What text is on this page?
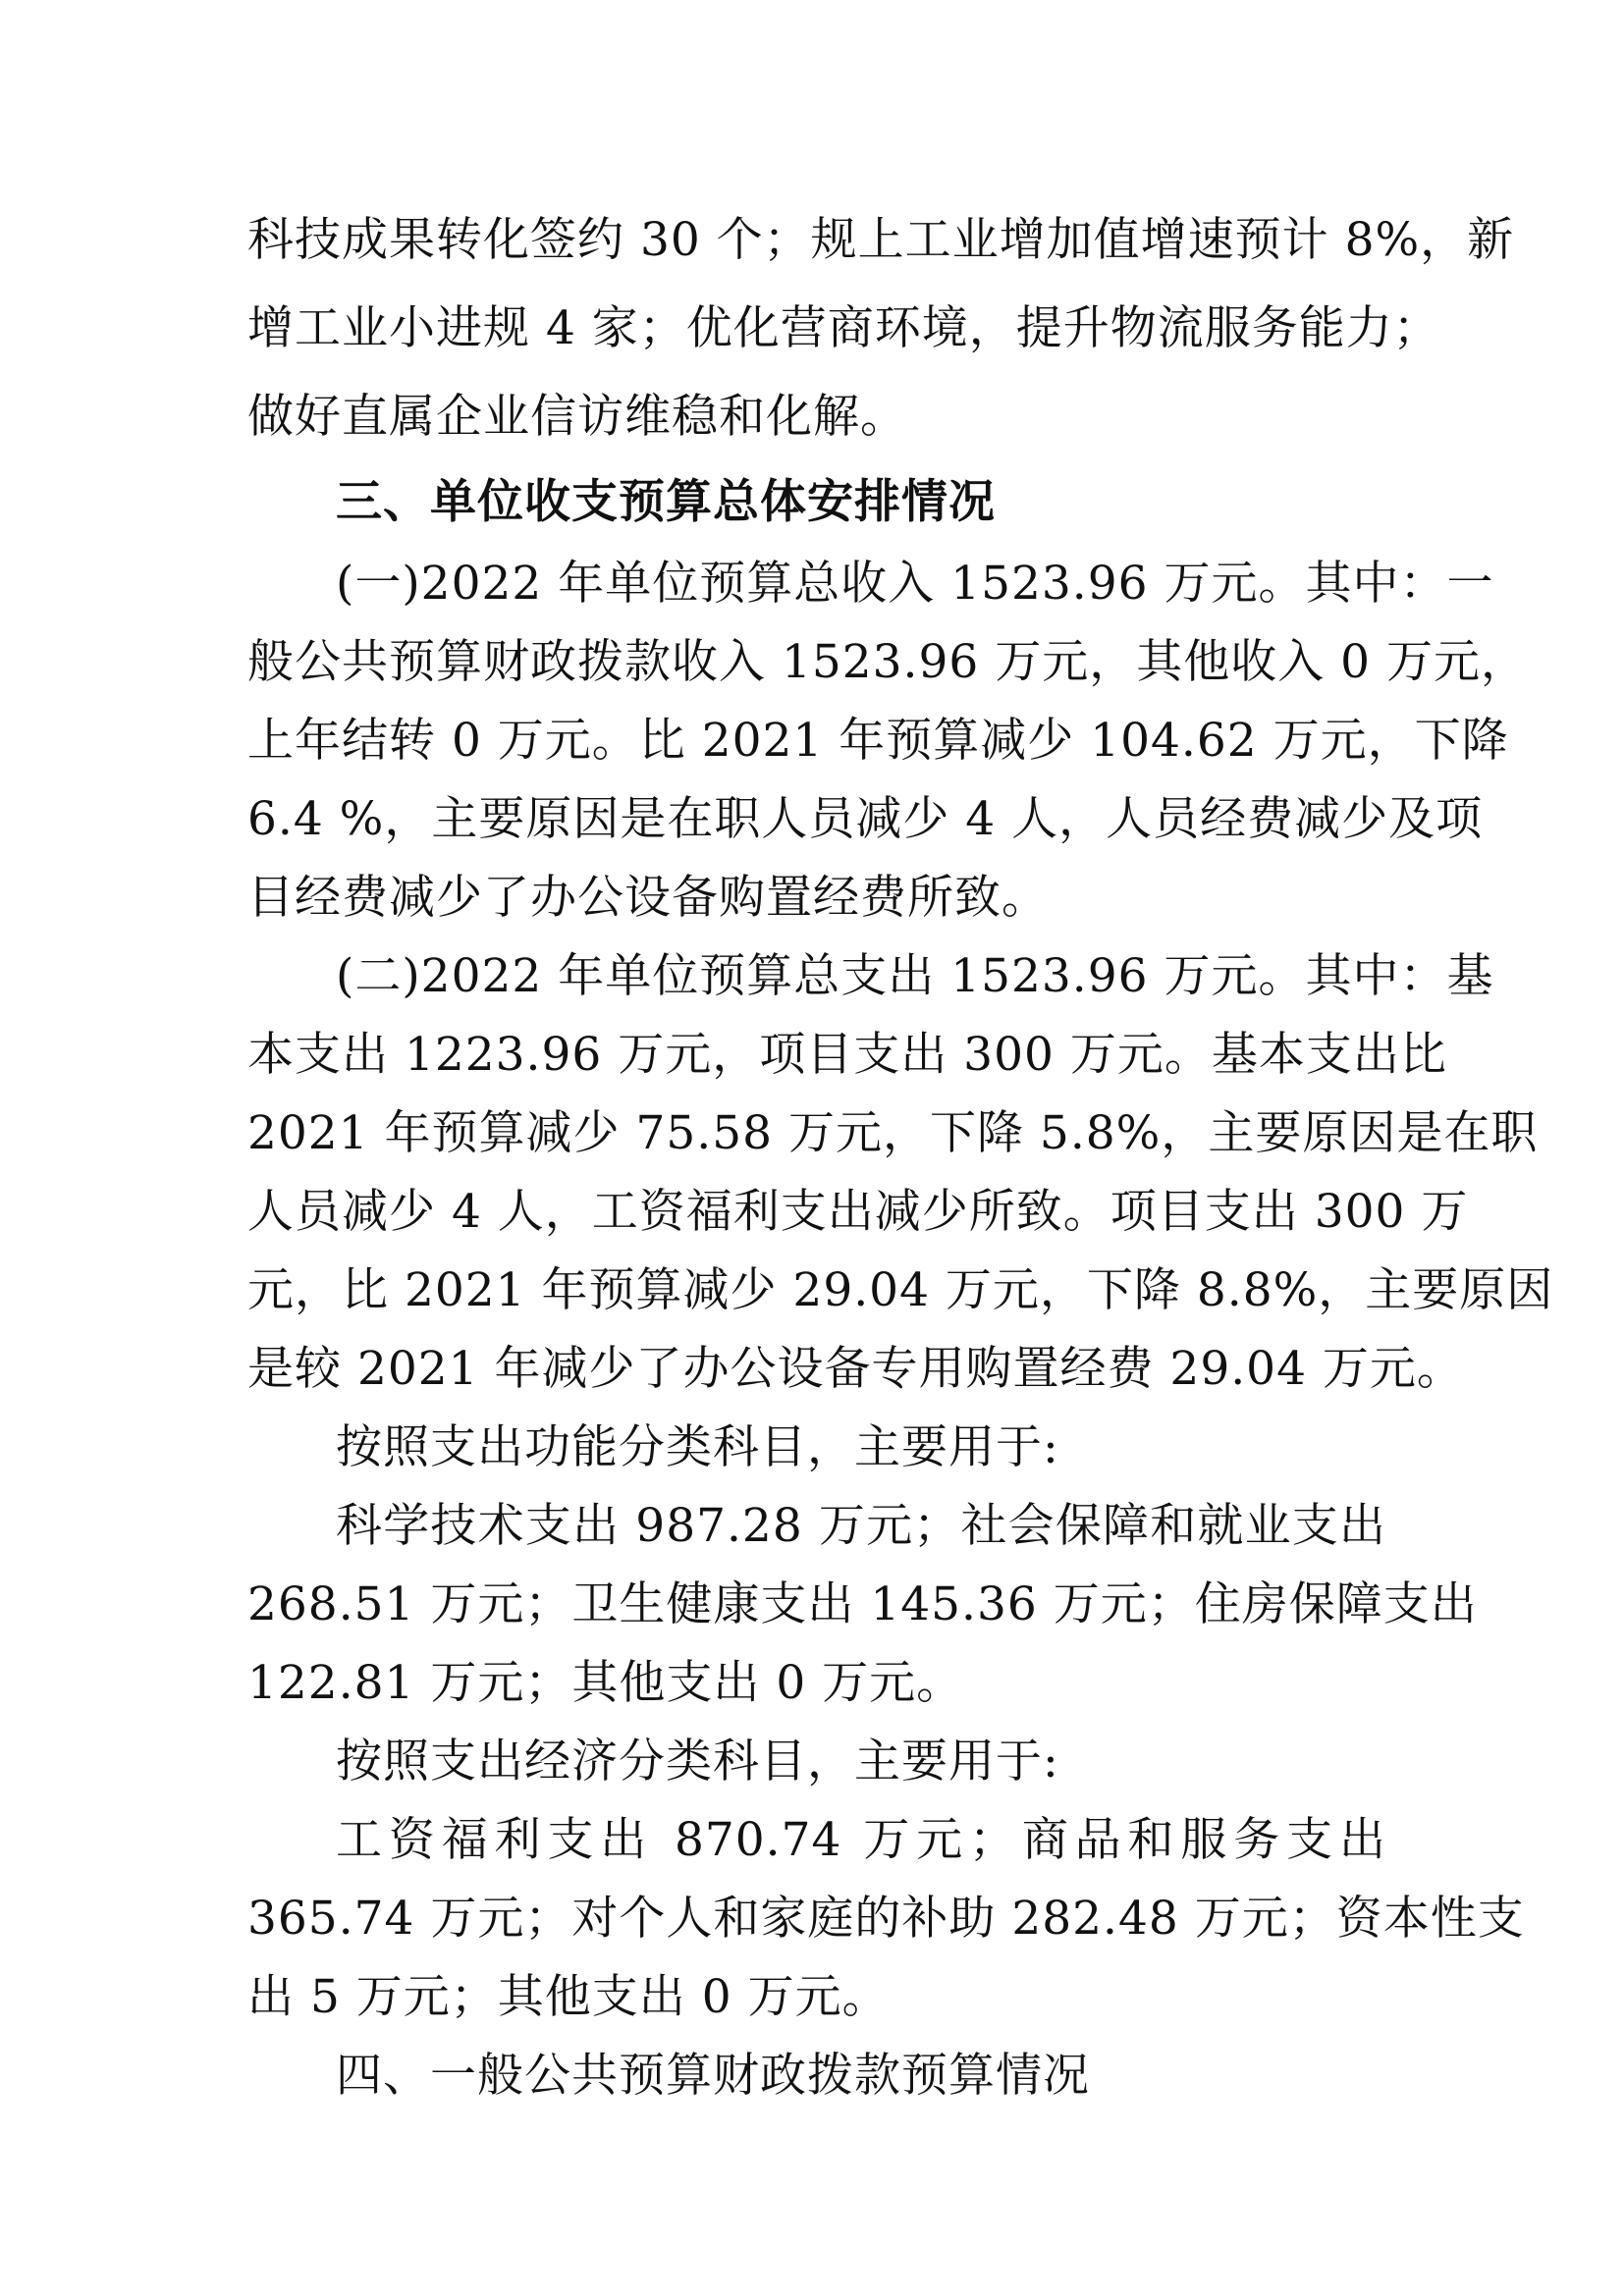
科技成果转化签约 30 个；规上工业增加值增速预计 8%，新
增工业小进规 4 家；优化营商环境，提升物流服务能力；
做好直属企业信访维稳和化解。
三、单位收支预算总体安排情况
(一)2022 年单位预算总收入 1523.96 万元。其中：一
般公共预算财政拨款收入 1523.96 万元，其他收入 0 万元，
上年结转 0 万元。比 2021 年预算减少 104.62 万元，下降
6.4 %，主要原因是在职人员减少 4 人，人员经费减少及项
目经费减少了办公设备购置经费所致。
(二)2022 年单位预算总支出 1523.96 万元。其中：基
本支出 1223.96 万元，项目支出 300 万元。基本支出比
2021 年预算减少 75.58 万元，下降 5.8%，主要原因是在职
人员减少 4 人，工资福利支出减少所致。项目支出 300 万
元，比 2021 年预算减少 29.04 万元，下降 8.8%，主要原因
是较 2021 年减少了办公设备专用购置经费 29.04 万元。
按照支出功能分类科目，主要用于:
科学技术支出 987.28 万元；社会保障和就业支出
268.51 万元；卫生健康支出 145.36 万元；住房保障支出
122.81 万元；其他支出 0 万元。
按照支出经济分类科目，主要用于:
工资福利支出 870.74 万元；商品和服务支出
365.74 万元；对个人和家庭的补助 282.48 万元；资本性支
出 5 万元；其他支出 0 万元。
四、一般公共预算财政拨款预算情况
